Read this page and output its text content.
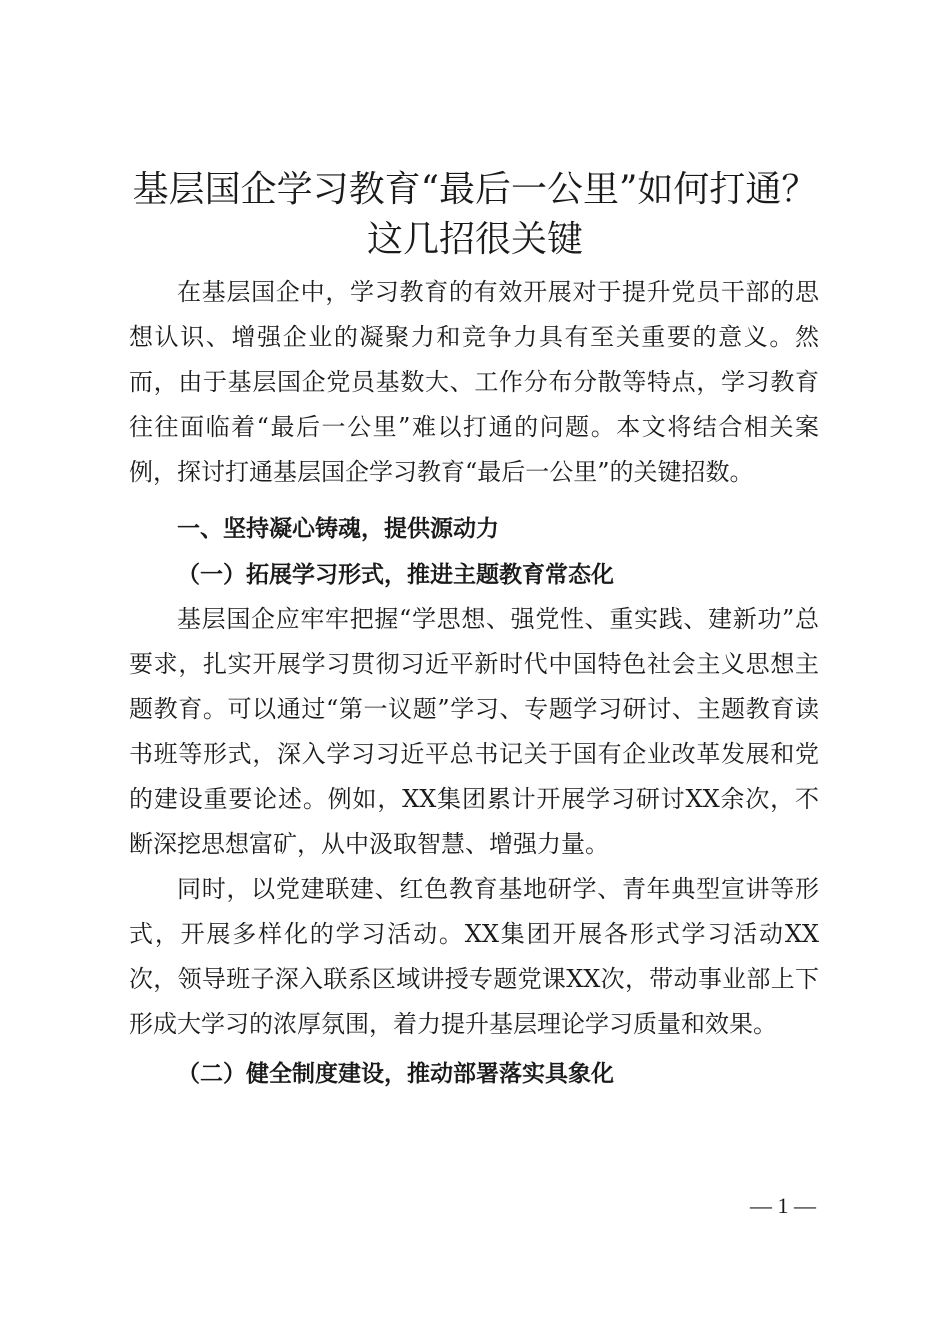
基层国企学习教育“最后一公里”如何打通？
这几招很关键

在基层国企中，学习教育的有效开展对于提升党员干部的思想认识、增强企业的凝聚力和竞争力具有至关重要的意义。然而，由于基层国企党员基数大、工作分布分散等特点，学习教育往往面临着“最后一公里”难以打通的问题。本文将结合相关案例，探讨打通基层国企学习教育“最后一公里”的关键招数。

一、坚持凝心铸魂，提供源动力

（一）拓展学习形式，推进主题教育常态化

基层国企应牢牢把握“学思想、强党性、重实践、建新功”总要求，扎实开展学习贯彻习近平新时代中国特色社会主义思想主题教育。可以通过“第一议题”学习、专题学习研讨、主题教育读书班等形式，深入学习习近平总书记关于国有企业改革发展和党的建设重要论述。例如，XX集团累计开展学习研讨XX余次，不断深挖思想富矿，从中汲取智慧、增强力量。

同时，以党建联建、红色教育基地研学、青年典型宣讲等形式，开展多样化的学习活动。XX集团开展各形式学习活动XX次，领导班子深入联系区域讲授专题党课XX次，带动事业部上下形成大学习的浓厚氛围，着力提升基层理论学习质量和效果。

（二）健全制度建设，推动部署落实具象化

— 1 —
